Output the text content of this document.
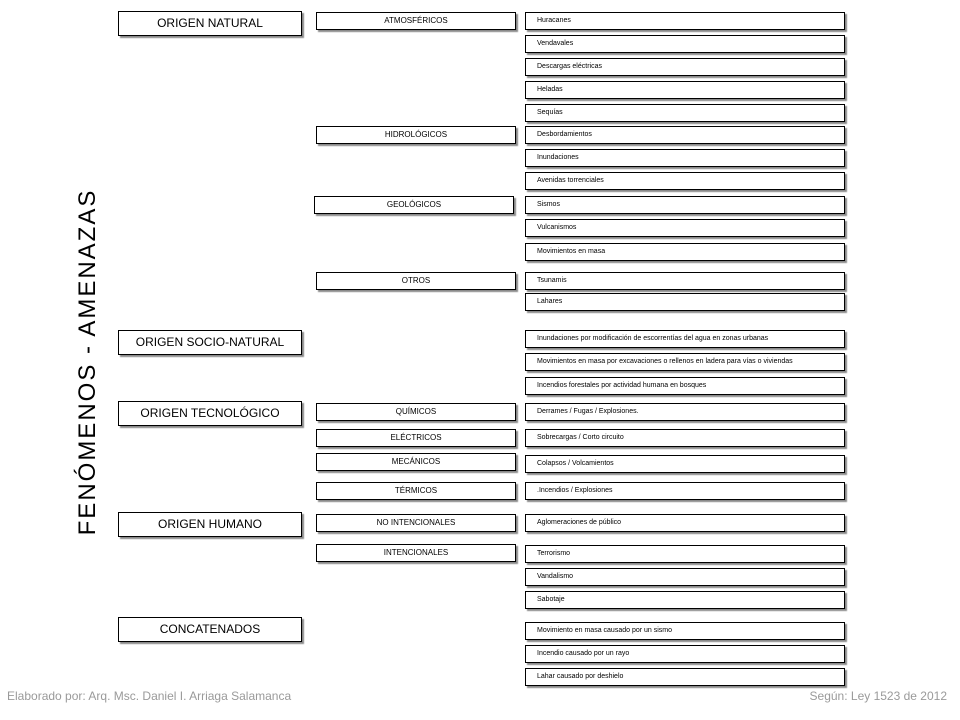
FENÓMENOS - AMENAZAS
ORIGEN NATURAL
ORIGEN SOCIO-NATURAL
ORIGEN TECNOLÓGICO
ORIGEN HUMANO
CONCATENADOS
ATMOSFÉRICOS
HIDROLÓGICOS
GEOLÓGICOS
OTROS
QUÍMICOS
ELÉCTRICOS
MECÁNICOS
TÉRMICOS
NO INTENCIONALES
INTENCIONALES
Huracanes
Vendavales
Descargas eléctricas
Heladas
Sequías
Desbordamientos
Inundaciones
Avenidas torrenciales
Sismos
Vulcanismos
Movimientos en masa
Tsunamis
Lahares
Inundaciones por modificación de escorrentías del agua en zonas urbanas
Movimientos en masa por excavaciones o rellenos en ladera para vías o viviendas
Incendios forestales por actividad humana en bosques
Derrames / Fugas / Explosiones.
Sobrecargas / Corto circuito
Colapsos / Volcamientos
.Incendios / Explosiones
Aglomeraciones de público
Terrorismo
Vandalismo
Sabotaje
Movimiento en masa causado por un sismo
Incendio causado por un rayo
Lahar causado por deshielo
Elaborado por: Arq. Msc. Daniel I. Arriaga Salamanca	Según: Ley 1523 de 2012
